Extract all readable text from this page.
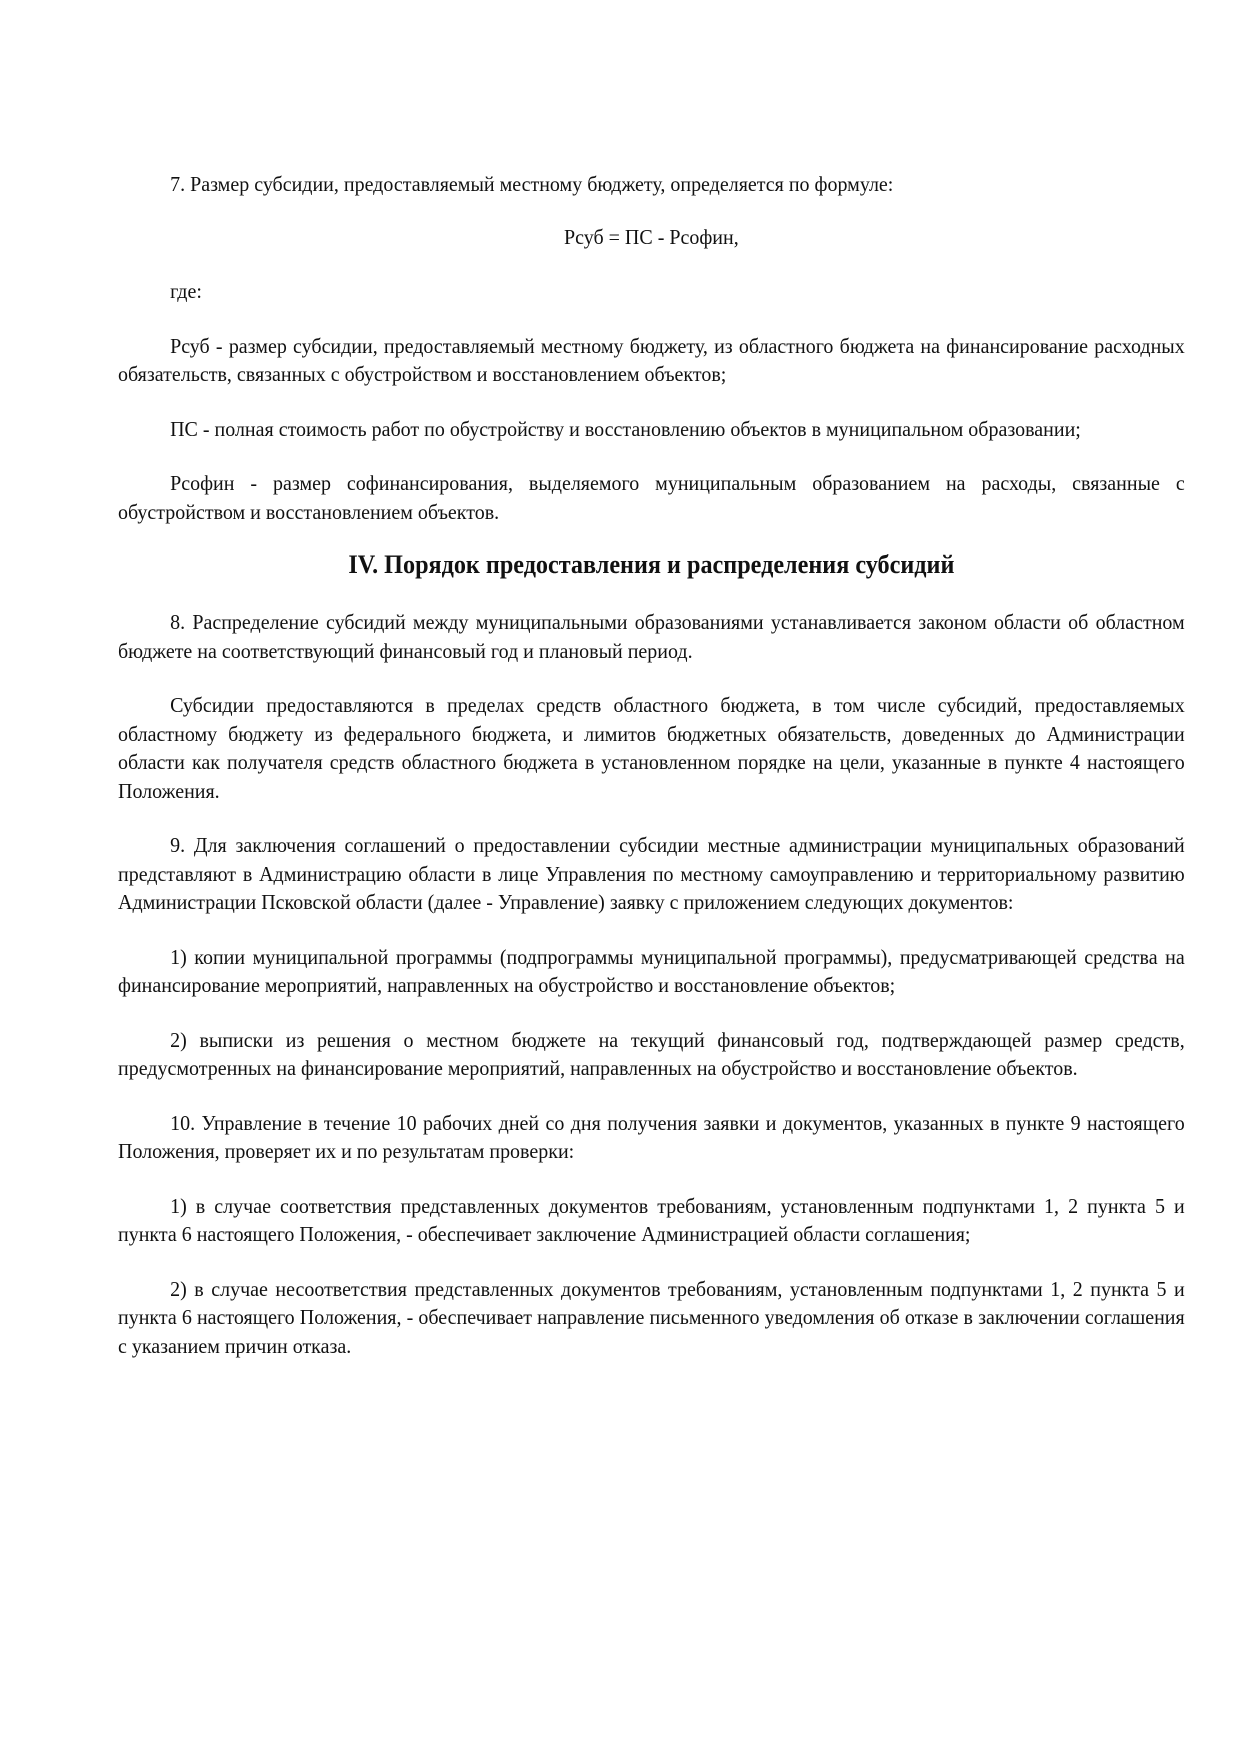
7. Размер субсидии, предоставляемый местному бюджету, определяется по формуле:

Рсуб = ПС - Рсофин,

где:

Рсуб - размер субсидии, предоставляемый местному бюджету, из областного бюджета на финансирование расходных обязательств, связанных с обустройством и восстановлением объектов;

ПС - полная стоимость работ по обустройству и восстановлению объектов в муниципальном образовании;

Рсофин - размер софинансирования, выделяемого муниципальным образованием на расходы, связанные с обустройством и восстановлением объектов.

IV. Порядок предоставления и распределения субсидий

8. Распределение субсидий между муниципальными образованиями устанавливается законом области об областном бюджете на соответствующий финансовый год и плановый период.

Субсидии предоставляются в пределах средств областного бюджета, в том числе субсидий, предоставляемых областному бюджету из федерального бюджета, и лимитов бюджетных обязательств, доведенных до Администрации области как получателя средств областного бюджета в установленном порядке на цели, указанные в пункте 4 настоящего Положения.

9. Для заключения соглашений о предоставлении субсидии местные администрации муниципальных образований представляют в Администрацию области в лице Управления по местному самоуправлению и территориальному развитию Администрации Псковской области (далее - Управление) заявку с приложением следующих документов:

1) копии муниципальной программы (подпрограммы муниципальной программы), предусматривающей средства на финансирование мероприятий, направленных на обустройство и восстановление объектов;

2) выписки из решения о местном бюджете на текущий финансовый год, подтверждающей размер средств, предусмотренных на финансирование мероприятий, направленных на обустройство и восстановление объектов.

10. Управление в течение 10 рабочих дней со дня получения заявки и документов, указанных в пункте 9 настоящего Положения, проверяет их и по результатам проверки:

1) в случае соответствия представленных документов требованиям, установленным подпунктами 1, 2 пункта 5 и пункта 6 настоящего Положения, - обеспечивает заключение Администрацией области соглашения;

2) в случае несоответствия представленных документов требованиям, установленным подпунктами 1, 2 пункта 5 и пункта 6 настоящего Положения, - обеспечивает направление письменного уведомления об отказе в заключении соглашения с указанием причин отказа.
